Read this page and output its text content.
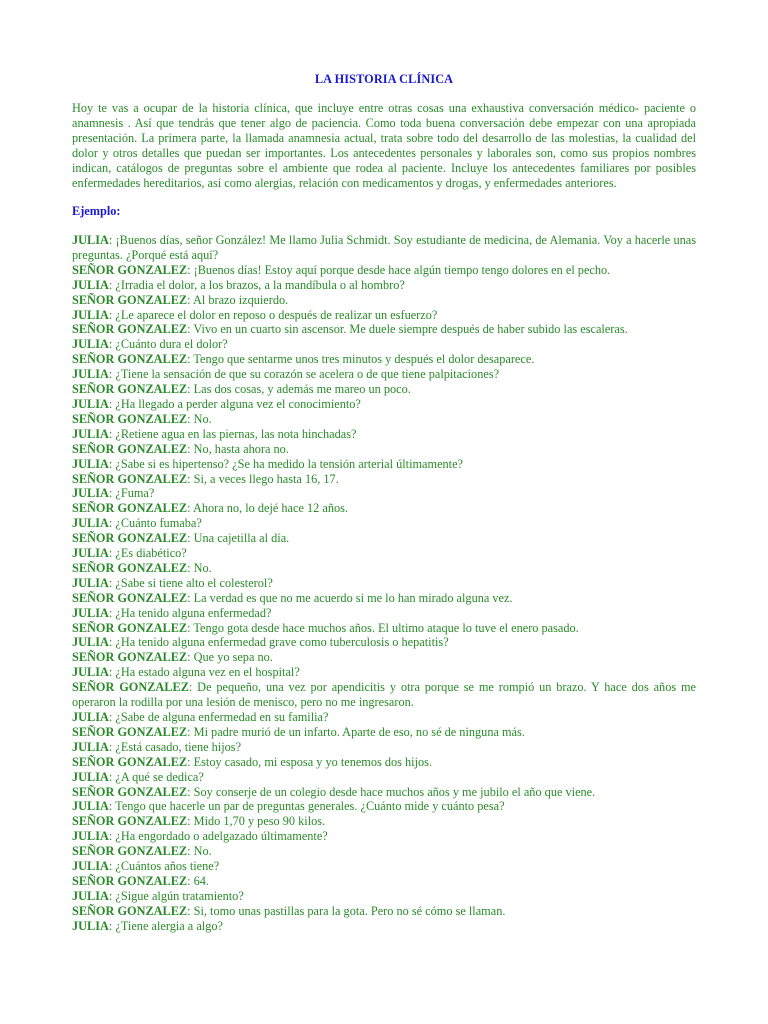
LA HISTORIA CLÍNICA

Hoy te vas a ocupar de la historia clínica, que incluye entre otras cosas una exhaustiva conversación médico- paciente o anamnesis . Así que tendrás que tener algo de paciencia. Como toda buena conversación debe empezar con una apropiada presentación. La primera parte, la llamada anamnesia actual, trata sobre todo del desarrollo de las molestias, la cualidad del dolor y otros detalles que puedan ser importantes. Los antecedentes personales y laborales son, como sus propios nombres indican, catálogos de preguntas sobre el ambiente que rodea al paciente. Incluye los antecedentes familiares por posibles enfermedades hereditarios, así como alergias, relación con medicamentos y drogas, y enfermedades anteriores.

Ejemplo:

JULIA: ¡Buenos días, señor González! Me llamo Julia Schmidt. Soy estudiante de medicina, de Alemania. Voy a hacerle unas preguntas. ¿Porqué está aquí?

SEÑOR GONZALEZ: ¡Buenos días! Estoy aquí porque desde hace algún tiempo tengo dolores en el pecho.

JULIA: ¿Irradia el dolor, a los brazos, a la mandíbula o al hombro?

SEÑOR GONZALEZ: Al brazo izquierdo.

JULIA: ¿Le aparece el dolor en reposo o después de realizar un esfuerzo?

SEÑOR GONZALEZ: Vivo en un cuarto sin ascensor. Me duele siempre después de haber subido las escaleras.

JULIA: ¿Cuánto dura el dolor?

SEÑOR GONZALEZ: Tengo que sentarme unos tres minutos y después el dolor desaparece.

JULIA: ¿Tiene la sensación de que su corazón se acelera o de que tiene palpitaciones?

SEÑOR GONZALEZ: Las dos cosas, y además me mareo un poco.

JULIA: ¿Ha llegado a perder alguna vez el conocimiento?

SEÑOR GONZALEZ: No.

JULIA: ¿Retiene agua en las piernas, las nota hinchadas?

SEÑOR GONZALEZ: No, hasta ahora no.

JULIA: ¿Sabe si es hipertenso? ¿Se ha medido la tensión arterial últimamente?

SEÑOR GONZALEZ: Si, a veces llego hasta 16, 17.

JULIA: ¿Fuma?

SEÑOR GONZALEZ: Ahora no, lo dejé hace 12 años.

JULIA: ¿Cuánto fumaba?

SEÑOR GONZALEZ: Una cajetilla al día.

JULIA: ¿Es diabético?

SEÑOR GONZALEZ: No.

JULIA: ¿Sabe si tiene alto el colesterol?

SEÑOR GONZALEZ: La verdad es que no me acuerdo si me lo han mirado alguna vez.

JULIA: ¿Ha tenido alguna enfermedad?

SEÑOR GONZALEZ: Tengo gota desde hace muchos años. El ultimo ataque lo tuve el enero pasado.

JULIA: ¿Ha tenido alguna enfermedad grave como tuberculosis o hepatitis?

SEÑOR GONZALEZ: Que yo sepa no.

JULIA: ¿Ha estado alguna vez en el hospital?

SEÑOR GONZALEZ: De pequeño, una vez por apendicitis y otra porque se me rompió un brazo. Y hace dos años me operaron la rodilla por una lesión de menisco, pero no me ingresaron.

JULIA: ¿Sabe de alguna enfermedad en su familia?

SEÑOR GONZALEZ: Mi padre murió de un infarto. Aparte de eso, no sé de ninguna más.

JULIA: ¿Está casado, tiene hijos?

SEÑOR GONZALEZ: Estoy casado, mi esposa y yo tenemos dos hijos.

JULIA: ¿A qué se dedica?

SEÑOR GONZALEZ: Soy conserje de un colegio desde hace muchos años y me jubilo el año que viene.

JULIA: Tengo que hacerle un par de preguntas generales. ¿Cuánto mide y cuánto pesa?

SEÑOR GONZALEZ: Mido 1,70 y peso 90 kilos.

JULIA: ¿Ha engordado o adelgazado últimamente?

SEÑOR GONZALEZ: No.

JULIA: ¿Cuántos años tiene?

SEÑOR GONZALEZ: 64.

JULIA: ¿Sigue algún tratamiento?

SEÑOR GONZALEZ: Si, tomo unas pastillas para la gota. Pero no sé cómo se llaman.

JULIA: ¿Tiene alergia a algo?
